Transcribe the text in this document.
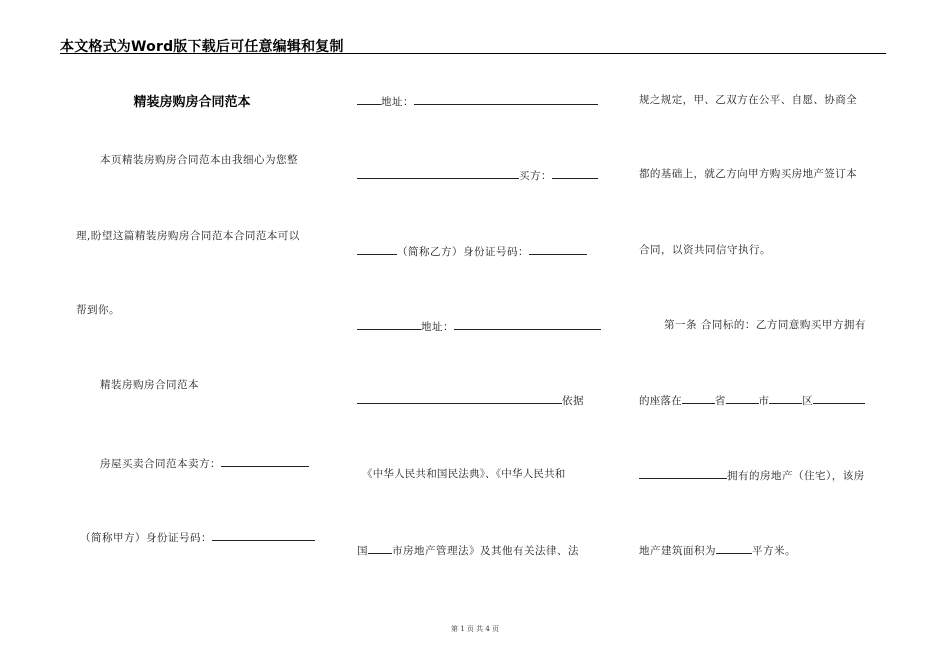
本文格式为Word版下载后可任意编辑和复制
精装房购房合同范本
本页精装房购房合同范本由我细心为您整
理,盼望这篇精装房购房合同范本合同范本可以
帮到你。
精装房购房合同范本
房屋买卖合同范本卖方：
（简称甲方）身份证号码：
地址：
买方：
（简称乙方）身份证号码：
地址：
依据
《中华人民共和国民法典》、《中华人民共和
国 市房地产管理法》及其他有关法律、法
规之规定，甲、乙双方在公平、自愿、协商全
都的基础上，就乙方向甲方购买房地产签订本
合同，以资共同信守执行。
第一条 合同标的：乙方同意购买甲方拥有
的座落在	省	市	区
拥有的房地产（住宅），该房
地产建筑面积为	平方米。
第 1 页 共 4 页
